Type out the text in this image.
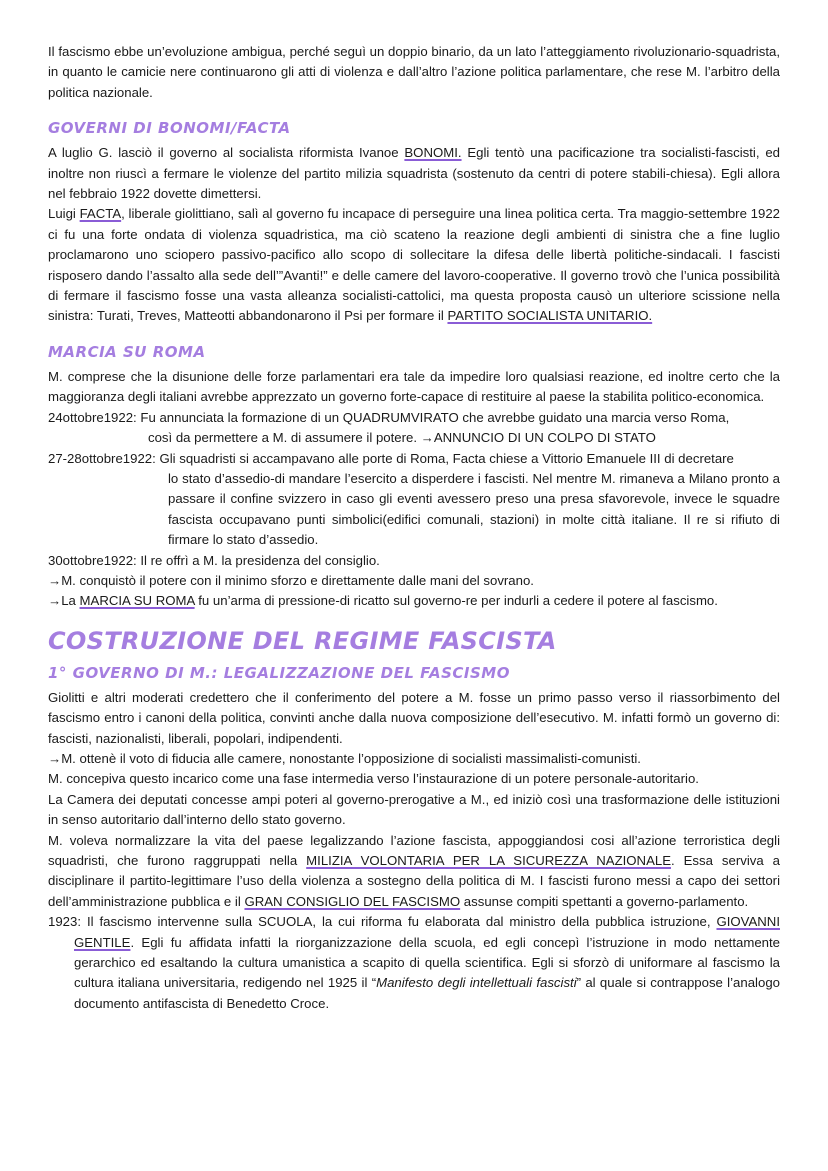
Il fascismo ebbe un’evoluzione ambigua, perché seguì un doppio binario, da un lato l’atteggiamento rivoluzionario-squadrista, in quanto le camicie nere continuarono gli atti di violenza e dall’altro l’azione politica parlamentare, che rese M. l’arbitro della politica nazionale.

GOVERNI DI BONOMI/FACTA

A luglio G. lasciò il governo al socialista riformista Ivanoe BONOMI. Egli tentò una pacificazione tra socialisti-fascisti, ed inoltre non riuscì a fermare le violenze del partito milizia squadrista (sostenuto da centri di potere stabili-chiesa). Egli allora nel febbraio 1922 dovette dimettersi.

Luigi FACTA, liberale giolittiano, salì al governo fu incapace di perseguire una linea politica certa. Tra maggio-settembre 1922 ci fu una forte ondata di violenza squadristica, ma ciò scateno la reazione degli ambienti di sinistra che a fine luglio proclamarono uno sciopero passivo-pacifico allo scopo di sollecitare la difesa delle libertà politiche-sindacali. I fascisti risposero dando l’assalto alla sede dell’”Avanti!” e delle camere del lavoro-cooperative. Il governo trovò che l’unica possibilità di fermare il fascismo fosse una vasta alleanza socialisti-cattolici, ma questa proposta causò un ulteriore scissione nella sinistra: Turati, Treves, Matteotti abbandonarono il Psi per formare il PARTITO SOCIALISTA UNITARIO.

MARCIA SU ROMA

M. comprese che la disunione delle forze parlamentari era tale da impedire loro qualsiasi reazione, ed inoltre certo che la maggioranza degli italiani avrebbe apprezzato un governo forte-capace di restituire al paese la stabilita politico-economica.

24ottobre1922: Fu annunciata la formazione di un QUADRUMVIRATO che avrebbe guidato una marcia verso Roma,
così da permettere a M. di assumere il potere. →ANNUNCIO DI UN COLPO DI STATO
27-28ottobre1922: Gli squadristi si accampavano alle porte di Roma, Facta chiese a Vittorio Emanuele III di decretare
lo stato d’assedio-di mandare l’esercito a disperdere i fascisti. Nel mentre M. rimaneva a Milano pronto a passare il confine svizzero in caso gli eventi avessero preso una presa sfavorevole, invece le squadre fascista occupavano punti simbolici(edifici comunali, stazioni) in molte città italiane. Il re si rifiuto di firmare lo stato d’assedio.
30ottobre1922: Il re offrì a M. la presidenza del consiglio.
→M. conquistò il potere con il minimo sforzo e direttamente dalle mani del sovrano.
→La MARCIA SU ROMA fu un’arma di pressione-di ricatto sul governo-re per indurli a cedere il potere al fascismo.
COSTRUZIONE DEL REGIME FASCISTA
1° GOVERNO DI M.: LEGALIZZAZIONE DEL FASCISMO

Giolitti e altri moderati credettero che il conferimento del potere a M. fosse un primo passo verso il riassorbimento del fascismo entro i canoni della politica, convinti anche dalla nuova composizione dell’esecutivo. M. infatti formò un governo di: fascisti, nazionalisti, liberali, popolari, indipendenti.

→M. ottenè il voto di fiducia alle camere, nonostante l’opposizione di socialisti massimalisti-comunisti.

M. concepiva questo incarico come una fase intermedia verso l’instaurazione di un potere personale-autoritario.

La Camera dei deputati concesse ampi poteri al governo-prerogative a M., ed iniziò così una trasformazione delle istituzioni in senso autoritario dall’interno dello stato governo.

M. voleva normalizzare la vita del paese legalizzando l’azione fascista, appoggiandosi cosi all’azione terroristica degli squadristi, che furono raggruppati nella MILIZIA VOLONTARIA PER LA SICUREZZA NAZIONALE. Essa serviva a disciplinare il partito-legittimare l’uso della violenza a sostegno della politica di M. I fascisti furono messi a capo dei settori dell’amministrazione pubblica e il GRAN CONSIGLIO DEL FASCISMO assunse compiti spettanti a governo-parlamento.

1923: Il fascismo intervenne sulla SCUOLA, la cui riforma fu elaborata dal ministro della pubblica istruzione, GIOVANNI GENTILE. Egli fu affidata infatti la riorganizzazione della scuola, ed egli concepì l’istruzione in modo nettamente gerarchico ed esaltando la cultura umanistica a scapito di quella scientifica. Egli si sforzò di uniformare al fascismo la cultura italiana universitaria, redigendo nel 1925 il “Manifesto degli intellettuali fascisti” al quale si contrappose l’analogo documento antifascista di Benedetto Croce.
